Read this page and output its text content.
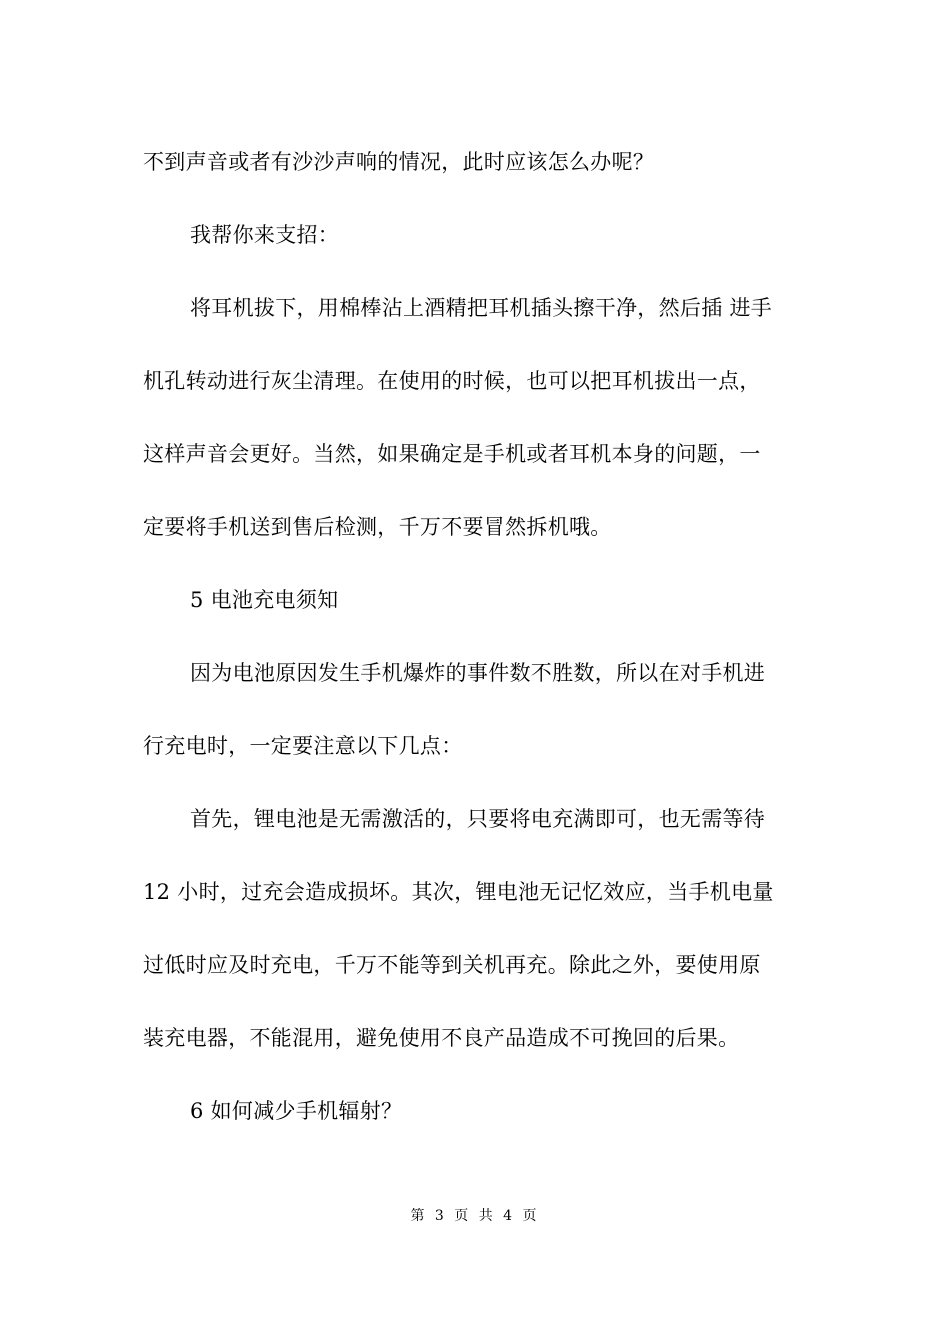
不到声音或者有沙沙声响的情况，此时应该怎么办呢？
我帮你来支招：
将耳机拔下，用棉棒沾上酒精把耳机插头擦干净，然后插 进手
机孔转动进行灰尘清理。在使用的时候，也可以把耳机拔出一点，
这样声音会更好。当然，如果确定是手机或者耳机本身的问题，一
定要将手机送到售后检测，千万不要冒然拆机哦。
5 电池充电须知
因为电池原因发生手机爆炸的事件数不胜数，所以在对手机进
行充电时，一定要注意以下几点：
首先，锂电池是无需激活的，只要将电充满即可，也无需等待
12 小时，过充会造成损坏。其次，锂电池无记忆效应，当手机电量
过低时应及时充电，千万不能等到关机再充。除此之外，要使用原
装充电器，不能混用，避免使用不良产品造成不可挽回的后果。
6 如何减少手机辐射？
第 3 页 共 4 页
